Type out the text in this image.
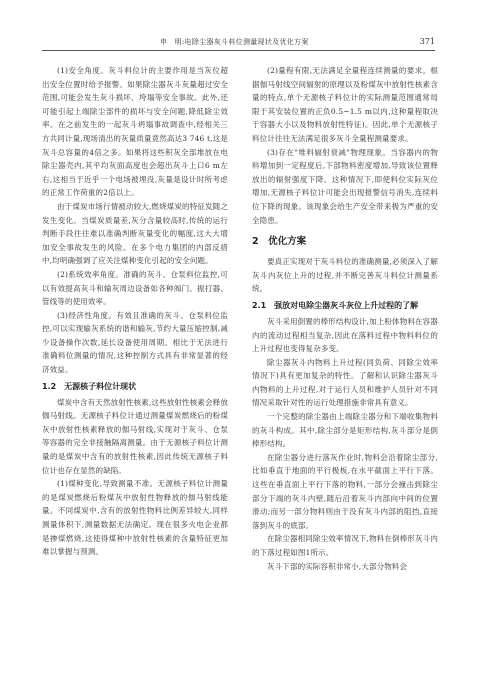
申　明:电除尘器灰斗料位测量现状及优化方案	371

(1)安全角度。灰斗料位计的主要作用是当灰位超出安全位置时给予报警。如果除尘器灰斗灰量超过安全范围,可能会发生灰斗损坏、垮塌等安全事故。此外,还可能引起上端除尘部件的损坏与安全问题,降低除尘效率。在之前发生的一起灰斗坍塌事故调查中,经相关三方共同计量,现场清出的灰量质量竟然高达3 746 t,这是灰斗总容量的4倍之多。如果将这些积灰全部堆放在电除尘器壳内,其平均灰面高度也会超出灰斗上口6 m左右,这相当于近乎一个电场被埋没,灰量是设计时所考虑的正常工作荷重的2倍以上。

由于煤炭市场行情被动较大,燃烧煤炭的特征发随之发生变化。当煤炭质量差,灰分含量较高时,传统的运行判断手段往往难以准确判断灰量变化的幅度,这大大增加安全事故发生的风险。在多个电力集团的内部反措中,均明确强调了应关注煤种变化引起的安全问题。

(2)系统效率角度。准确的灰斗、仓泵料位监控,可以有效提高灰斗和输灰周边设备如各种阀门、振打器、管线等的使用效率。

(3)经济性角度。有效且准确的灰斗、仓泵料位监控,可以实现输灰系统的谐和输灰,节约大量压缩控制,减少设备操作次数,延长设备使用周期。相比于无法进行准确料位测量的情况,这种控制方式具有非常显著的经济效益。

1.2　无源核子料位计现状

煤炭中含有天然放射性核素,这些放射性核素会释放伽马射线。无源核子料位计通过测量煤炭燃烧后的粉煤灰中放射性核素释放的伽马射线,实现对于灰斗、仓泵等容器的完全非接触隔离测量。由于无源核子料位计测量的是煤炭中含有的放射性核素,因此传统无源核子料位计也存在显然的缺陷。

(1)煤种变化,导致测量不准。无源核子料位计测量的是煤炭燃烧后粉煤灰中放射性物释放的伽马射线能量。不同煤炭中,含有的放射性物料比例差异较大,同样测量体积下,测量数据无法确定。现在很多火电企业都是掺煤燃烧,这使得煤种中放射性核素的含量特征更加难以掌握与预测。

(2)量程有限,无法满足全量程连续测量的要求。根据伽马射线空间辐射的原理以及粉煤灰中放射性核素含量的特点,单个无源核子料位计的实际测量范围通常局限于其安装位置的正负0.5~1.5 m以内,这种量程取决于容器大小以及物料放射性特征)。因此,单个无源核子料位计往往无法满足很多灰斗全量程测量要求。

(3)存在"堆料辐射衰减"物理现象。当容器内的物料增加到一定程度后,下部物料密度增加,导致该位置释放出的辐射强度下降。这种情况下,即使料位实际灰位增加,无源核子料位计可能会出现报警信号消失,连续料位下降的现象。该现象会给生产安全带来极为严重的安全隐患。

2　优化方案

要真正实现对于灰斗料位的准确测量,必须深入了解灰斗内灰位上升的过程,并不断完善灰斗料位计测量系统。

2.1　强放对电除尘器灰斗灰位上升过程的了解

灰斗采用倒置的棒形结构设计,加上粉体物料在容器内的流动过程相当复杂,因此在落料过程中物料料位的上升过程也变得复杂多变。

除尘器灰斗内物料上升过程(同负荷、同除尘效率情况下)具有更加复杂的特性。了解和认识除尘器灰斗内物料的上升过程,对于运行人员和维护人员针对不同情况采取针对性的运行处理措施非常具有意义。

一个完整的除尘器由上端除尘器分和下端收集物料的灰斗构成。其中,除尘部分是矩形结构,灰斗部分是倒棒形结构。

在除尘器分进行落灰作业时,物料会沿着除尘部分,比如垂直于地面的平行极板,在水平截面上平行下落。这些在垂直面上平行下落的物料,一部分会撞击到除尘部分下端的灰斗内壁,随后沿着灰斗内部向中间的位置滑动;而另一部分物料则由于没有灰斗内部的阻挡,直接落到灰斗的底部。

在除尘器相同除尘效率情况下,物料在倒棒形灰斗内的下落过程如图1所示。

灰斗下部的实际容积非常小,大部分物料会
